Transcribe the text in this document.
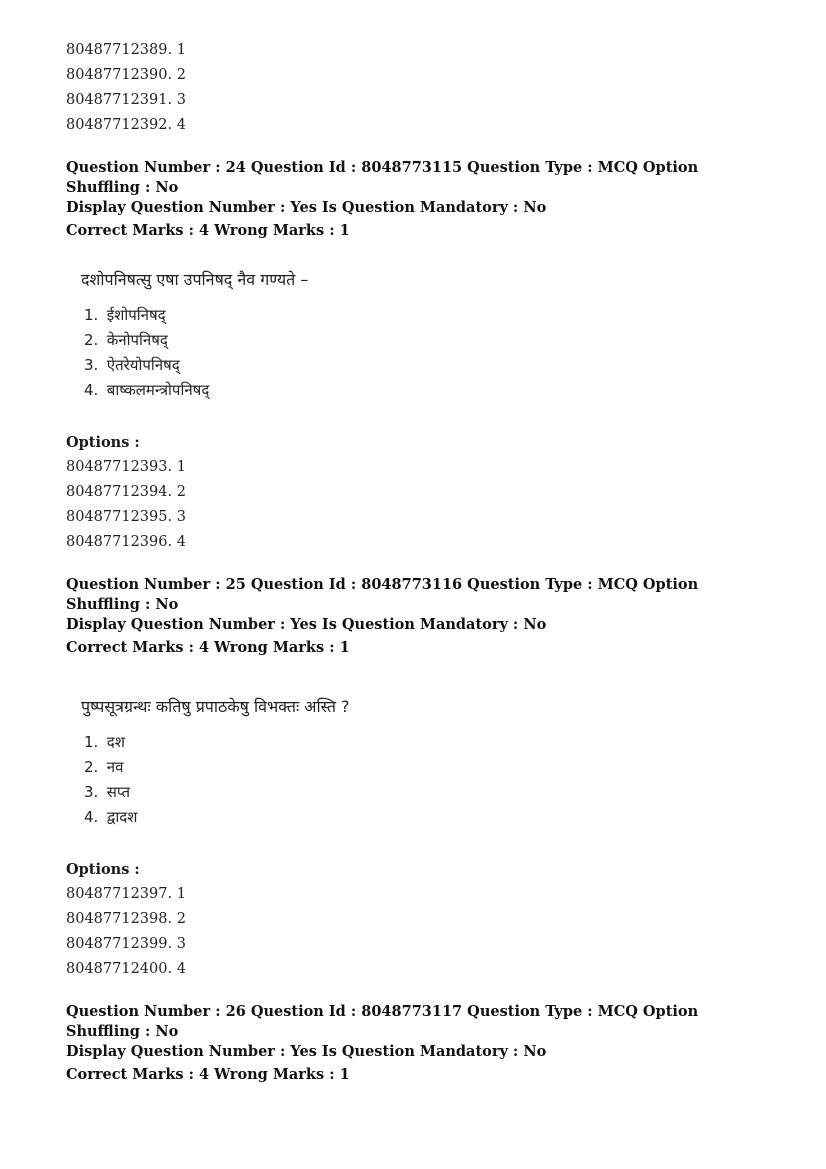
80487712389. 1
80487712390. 2
80487712391. 3
80487712392. 4
Question Number : 24 Question Id : 8048773115 Question Type : MCQ Option Shuffling : No
Display Question Number : Yes Is Question Mandatory : No
Correct Marks : 4 Wrong Marks : 1
दशोपनिषत्सु एषा उपनिषद् नैव गण्यते –
1. ईशोपनिषद्
2. केनोपनिषद्
3. ऐतरेयोपनिषद्
4. बाष्कलमन्त्रोपनिषद्
Options :
80487712393. 1
80487712394. 2
80487712395. 3
80487712396. 4
Question Number : 25 Question Id : 8048773116 Question Type : MCQ Option Shuffling : No
Display Question Number : Yes Is Question Mandatory : No
Correct Marks : 4 Wrong Marks : 1
पुष्पसूत्रग्रन्थः कतिषु प्रपाठकेषु विभक्तः अस्ति ?
1. दश
2. नव
3. सप्त
4. द्वादश
Options :
80487712397. 1
80487712398. 2
80487712399. 3
80487712400. 4
Question Number : 26 Question Id : 8048773117 Question Type : MCQ Option Shuffling : No
Display Question Number : Yes Is Question Mandatory : No
Correct Marks : 4 Wrong Marks : 1
